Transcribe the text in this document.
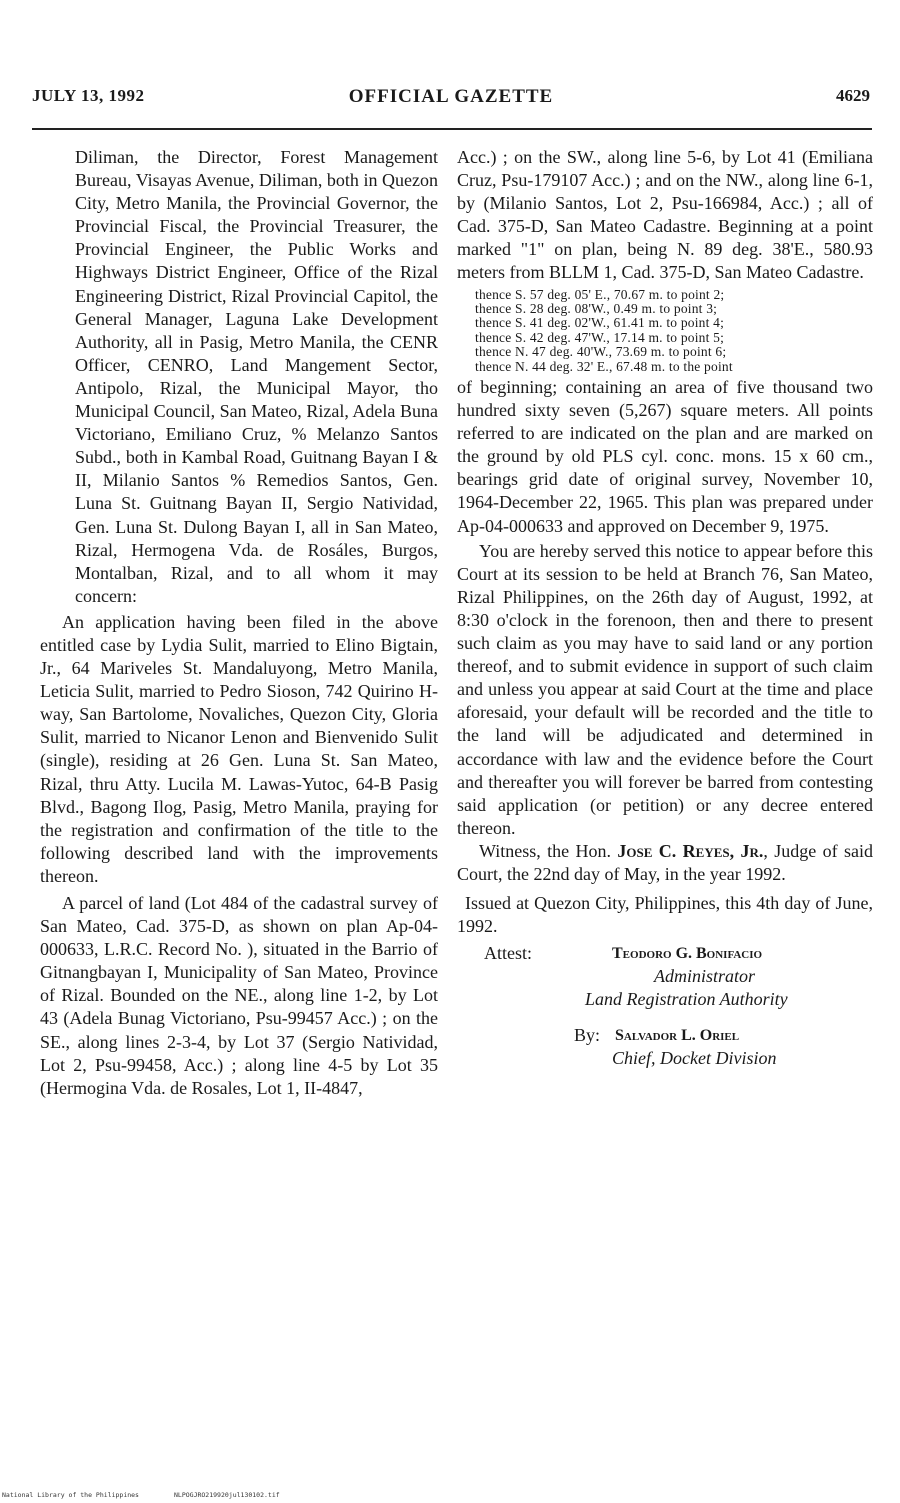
JULY 13, 1992	OFFICIAL GAZETTE	4629
Diliman, the Director, Forest Management Bureau, Visayas Avenue, Diliman, both in Quezon City, Metro Manila, the Provincial Governor, the Provincial Fiscal, the Provincial Treasurer, the Provincial Engineer, the Public Works and Highways District Engineer, Office of the Rizal Engineering District, Rizal Provincial Capitol, the General Manager, Laguna Lake Development Authority, all in Pasig, Metro Manila, the CENR Officer, CENRO, Land Mangement Sector, Antipolo, Rizal, the Municipal Mayor, tho Municipal Council, San Mateo, Rizal, Adela Buna Victoriano, Emiliano Cruz, % Melanzo Santos Subd., both in Kambal Road, Guitnang Bayan I & II, Milanio Santos % Remedios Santos, Gen. Luna St. Guitnang Bayan II, Sergio Natividad, Gen. Luna St. Dulong Bayan I, all in San Mateo, Rizal, Hermogena Vda. de Rosáles, Burgos, Montalban, Rizal, and to all whom it may concern:

An application having been filed in the above entitled case by Lydia Sulit, married to Elino Bigtain, Jr., 64 Mariveles St. Mandaluyong, Metro Manila, Leticia Sulit, married to Pedro Sioson, 742 Quirino H-way, San Bartolome, Novaliches, Quezon City, Gloria Sulit, married to Nicanor Lenon and Bienvenido Sulit (single), residing at 26 Gen. Luna St. San Mateo, Rizal, thru Atty. Lucila M. Lawas-Yutoc, 64-B Pasig Blvd., Bagong Ilog, Pasig, Metro Manila, praying for the registration and confirmation of the title to the following described land with the improvements thereon.

A parcel of land (Lot 484 of the cadastral survey of San Mateo, Cad. 375-D, as shown on plan Ap-04-000633, L.R.C. Record No. ), situated in the Barrio of Gitnangbayan I, Municipality of San Mateo, Province of Rizal. Bounded on the NE., along line 1-2, by Lot 43 (Adela Bunag Victoriano, Psu-99457 Acc.) ; on the SE., along lines 2-3-4, by Lot 37 (Sergio Natividad, Lot 2, Psu-99458, Acc.) ; along line 4-5 by Lot 35 (Hermogina Vda. de Rosales, Lot 1, II-4847,

Acc.) ; on the SW., along line 5-6, by Lot 41 (Emiliana Cruz, Psu-179107 Acc.) ; and on the NW., along line 6-1, by (Milanio Santos, Lot 2, Psu-166984, Acc.) ; all of Cad. 375-D, San Mateo Cadastre. Beginning at a point marked "1" on plan, being N. 89 deg. 38'E., 580.93 meters from BLLM 1, Cad. 375-D, San Mateo Cadastre.
thence S. 57 deg. 05' E., 70.67 m. to point 2;
thence S. 28 deg. 08'W., 0.49 m. to point 3;
thence S. 41 deg. 02'W., 61.41 m. to point 4;
thence S. 42 deg. 47'W., 17.14 m. to point 5;
thence N. 47 deg. 40'W., 73.69 m. to point 6;
thence N. 44 deg. 32' E., 67.48 m. to the point
of beginning; containing an area of five thousand two hundred sixty seven (5,267) square meters. All points referred to are indicated on the plan and are marked on the ground by old PLS cyl. conc. mons. 15 x 60 cm., bearings grid date of original survey, November 10, 1964-December 22, 1965. This plan was prepared under Ap-04-000633 and approved on December 9, 1975.

You are hereby served this notice to appear before this Court at its session to be held at Branch 76, San Mateo, Rizal Philippines, on the 26th day of August, 1992, at 8:30 o'clock in the forenoon, then and there to present such claim as you may have to said land or any portion thereof, and to submit evidence in support of such claim and unless you appear at said Court at the time and place aforesaid, your default will be recorded and the title to the land will be adjudicated and determined in accordance with law and the evidence before the Court and thereafter you will forever be barred from contesting said application (or petition) or any decree entered thereon.

Witness, the Hon. Jose C. Reyes, Jr., Judge of said Court, the 22nd day of May, in the year 1992.

Issued at Quezon City, Philippines, this 4th day of June, 1992.

Attest:	Teodoro G. Bonifacio
Administrator
Land Registration Authority
By: Salvador L. Oriel
Chief, Docket Division
National Library of the Philippines	NLPOGJRO219920jul130102.tif
